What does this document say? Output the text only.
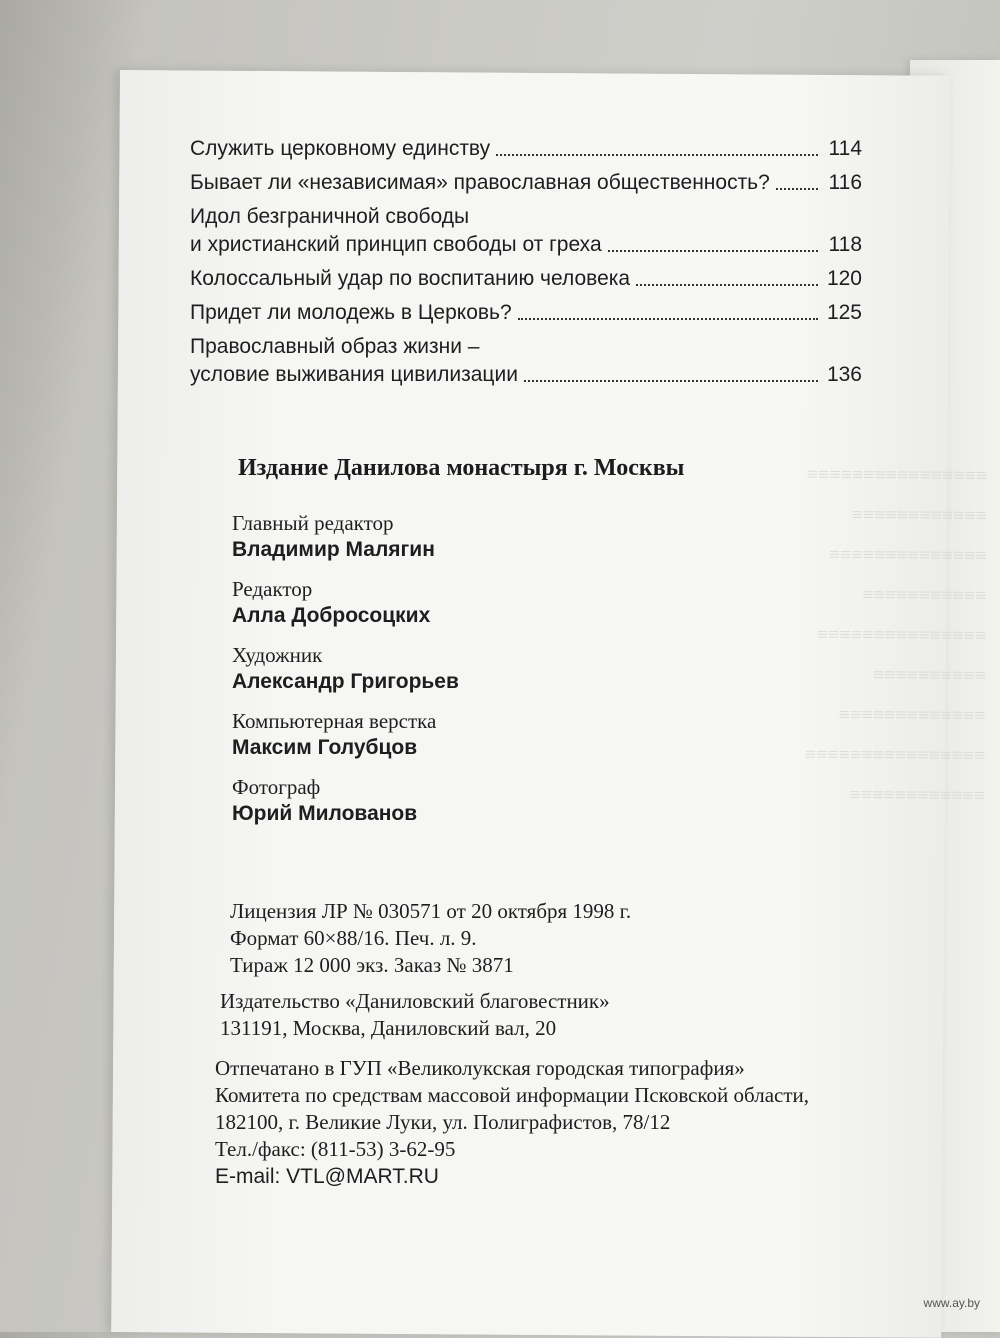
≡≡≡≡≡≡≡≡≡≡≡≡≡≡≡≡
≡≡≡≡≡≡≡≡≡≡≡≡
≡≡≡≡≡≡≡≡≡≡≡≡≡≡
≡≡≡≡≡≡≡≡≡≡≡
≡≡≡≡≡≡≡≡≡≡≡≡≡≡≡
≡≡≡≡≡≡≡≡≡≡
≡≡≡≡≡≡≡≡≡≡≡≡≡
≡≡≡≡≡≡≡≡≡≡≡≡≡≡≡≡
≡≡≡≡≡≡≡≡≡≡≡≡
Служить церковному единству	114
Бывает ли «независимая» православная общественность?	116
Идол безграничной свободы
и христианский принцип свободы от греха	118
Колоссальный удар по воспитанию человека	120
Придет ли молодежь в Церковь?	125
Православный образ жизни –
условие выживания цивилизации	136
Издание Данилова монастыря г. Москвы
Главный редактор
Владимир Малягин
Редактор
Алла Добросоцких
Художник
Александр Григорьев
Компьютерная верстка
Максим Голубцов
Фотограф
Юрий Милованов
Лицензия ЛР № 030571 от 20 октября 1998 г.
Формат 60×88/16. Печ. л. 9.
Тираж 12 000 экз. Заказ № 3871
Издательство «Даниловский благовестник»
131191, Москва, Даниловский вал, 20
Отпечатано в ГУП «Великолукская городская типография»
Комитета по средствам массовой информации Псковской области,
182100, г. Великие Луки, ул. Полиграфистов, 78/12
Тел./факс: (811-53) 3-62-95
E-mail: VTL@MART.RU
www.ay.by
